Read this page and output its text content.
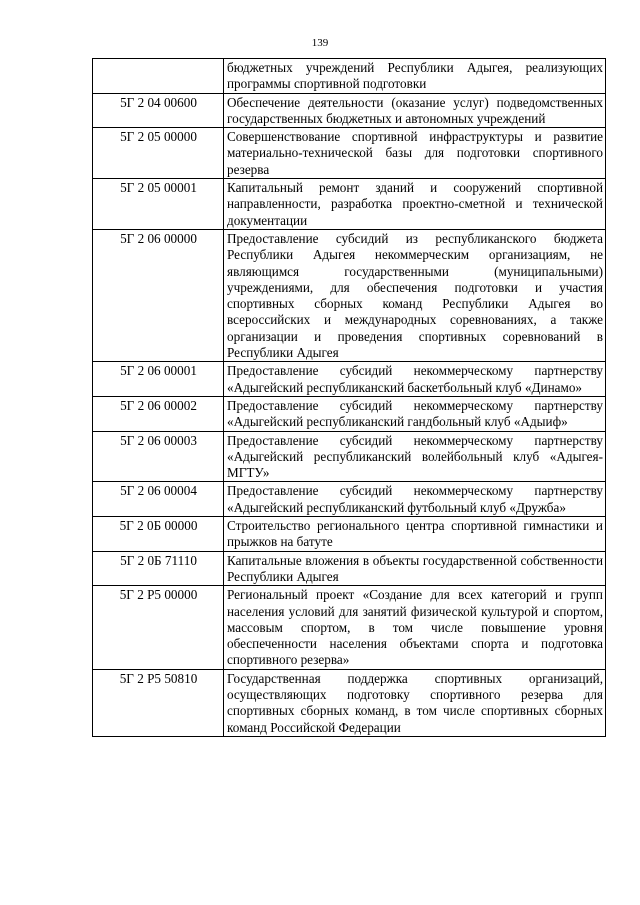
139
	бюджетных учреждений Республики Адыгея, реализующих программы спортивной подготовки
5Г 2 04 00600	Обеспечение деятельности (оказание услуг) подведомственных государственных бюджетных и автономных учреждений
5Г 2 05 00000	Совершенствование спортивной инфраструктуры и развитие материально-технической базы для подготовки спортивного резерва
5Г 2 05 00001	Капитальный ремонт зданий и сооружений спортивной направленности, разработка проектно-сметной и технической документации
5Г 2 06 00000	Предоставление субсидий из республиканского бюджета Республики Адыгея некоммерческим организациям, не являющимся государственными (муниципальными) учреждениями, для обеспечения подготовки и участия спортивных сборных команд Республики Адыгея во всероссийских и международных соревнованиях, а также организации и проведения спортивных соревнований в Республики Адыгея
5Г 2 06 00001	Предоставление субсидий некоммерческому партнерству «Адыгейский республиканский баскетбольный клуб «Динамо»
5Г 2 06 00002	Предоставление субсидий некоммерческому партнерству «Адыгейский республиканский гандбольный клуб «Адыиф»
5Г 2 06 00003	Предоставление субсидий некоммерческому партнерству «Адыгейский республиканский волейбольный клуб «Адыгея-МГТУ»
5Г 2 06 00004	Предоставление субсидий некоммерческому партнерству «Адыгейский республиканский футбольный клуб «Дружба»
5Г 2 0Б 00000	Строительство регионального центра спортивной гимнастики и прыжков на батуте
5Г 2 0Б 71110	Капитальные вложения в объекты государственной собственности Республики Адыгея
5Г 2 Р5 00000	Региональный проект «Создание для всех категорий и групп населения условий для занятий физической культурой и спортом, массовым спортом, в том числе повышение уровня обеспеченности населения объектами спорта и подготовка спортивного резерва»
5Г 2 Р5 50810	Государственная поддержка спортивных организаций, осуществляющих подготовку спортивного резерва для спортивных сборных команд, в том числе спортивных сборных команд Российской Федерации
